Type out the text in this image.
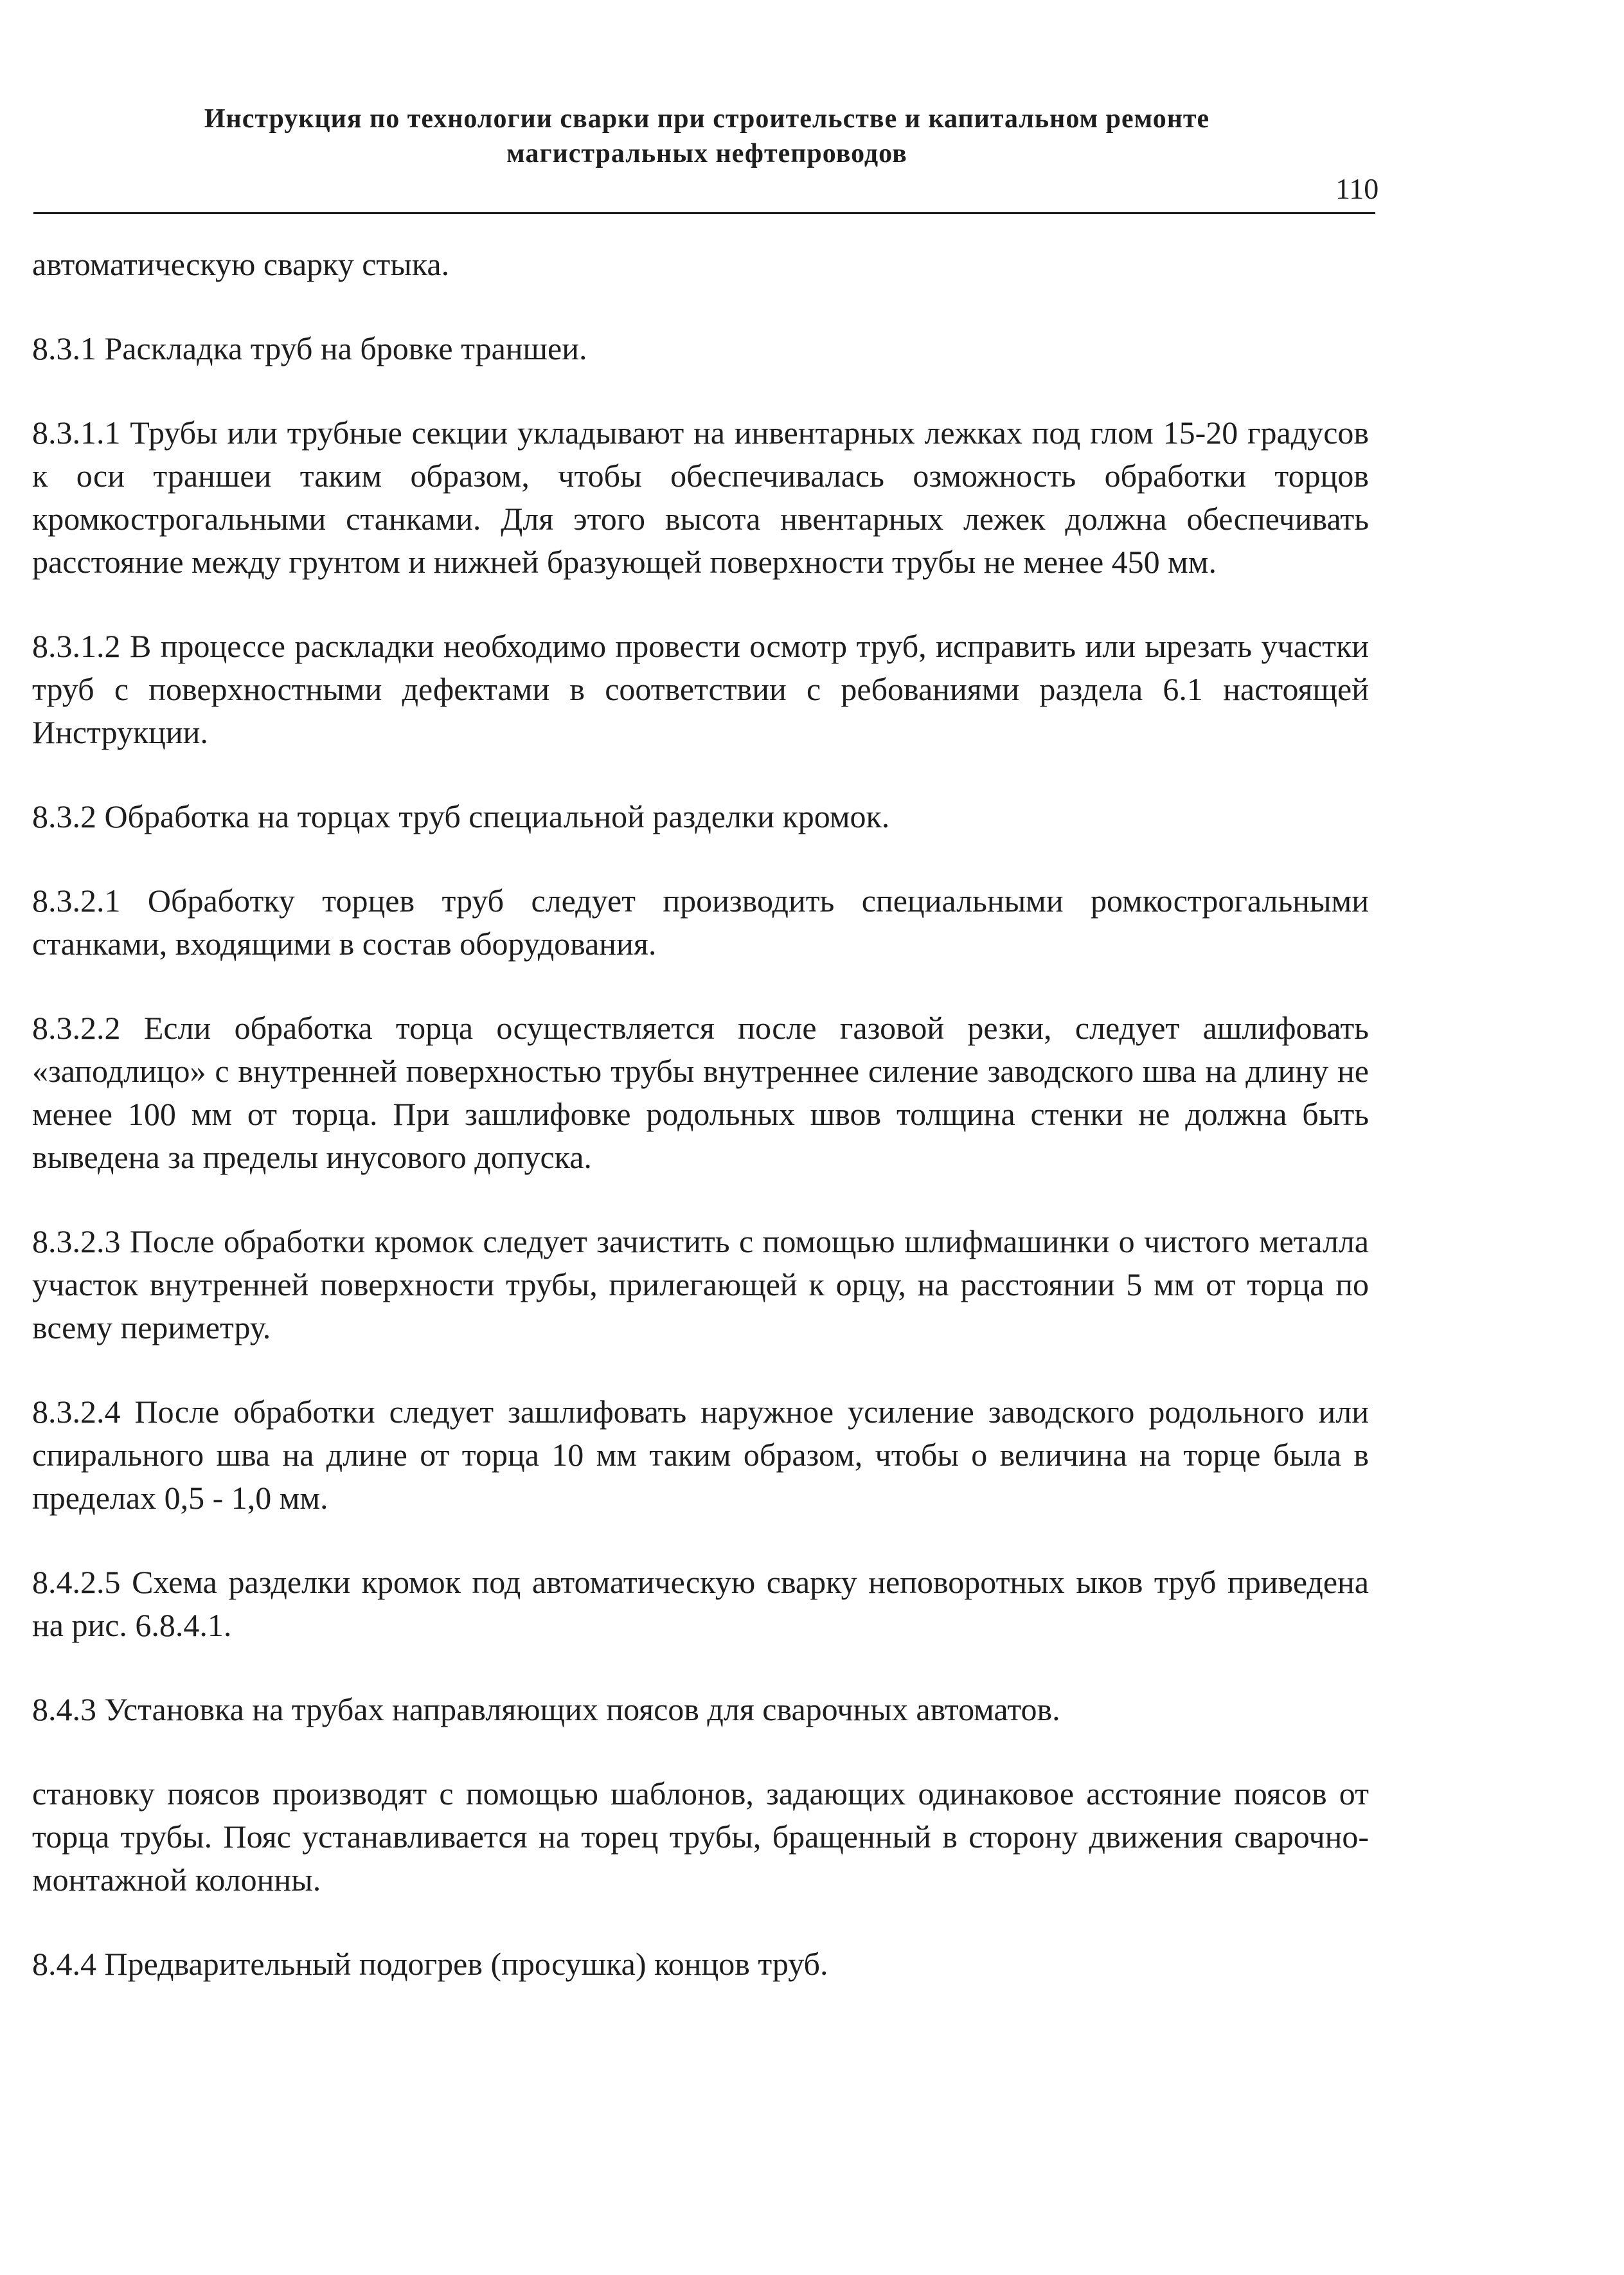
Инструкция по технологии сварки при строительстве и капитальном ремонте
магистральных нефтепроводов
110

автоматическую сварку стыка.

8.3.1 Раскладка труб на бровке траншеи.

8.3.1.1 Трубы или трубные секции укладывают на инвентарных лежках под глом 15-20 градусов к оси траншеи таким образом, чтобы обеспечивалась озможность обработки торцов кромкострогальными станками. Для этого высота нвентарных лежек должна обеспечивать расстояние между грунтом и нижней бразующей поверхности трубы не менее 450 мм.

8.3.1.2 В процессе раскладки необходимо провести осмотр труб, исправить или ырезать участки труб с поверхностными дефектами в соответствии с ребованиями раздела 6.1 настоящей Инструкции.

8.3.2 Обработка на торцах труб специальной разделки кромок.

8.3.2.1 Обработку торцев труб следует производить специальными ромкострогальными станками, входящими в состав оборудования.

8.3.2.2 Если обработка торца осуществляется после газовой резки, следует ашлифовать «заподлицо» с внутренней поверхностью трубы внутреннее силение заводского шва на длину не менее 100 мм от торца. При зашлифовке родольных швов толщина стенки не должна быть выведена за пределы инусового допуска.

8.3.2.3 После обработки кромок следует зачистить с помощью шлифмашинки о чистого металла участок внутренней поверхности трубы, прилегающей к орцу, на расстоянии 5 мм от торца по всему периметру.

8.3.2.4 После обработки следует зашлифовать наружное усиление заводского родольного или спирального шва на длине от торца 10 мм таким образом, чтобы о величина на торце была в пределах 0,5 - 1,0 мм.

8.4.2.5 Схема разделки кромок под автоматическую сварку неповоротных ыков труб приведена на рис. 6.8.4.1.

8.4.3 Установка на трубах направляющих поясов для сварочных автоматов.

становку поясов производят с помощью шаблонов, задающих одинаковое асстояние поясов от торца трубы. Пояс устанавливается на торец трубы, бращенный в сторону движения сварочно-монтажной колонны.

8.4.4 Предварительный подогрев (просушка) концов труб.
